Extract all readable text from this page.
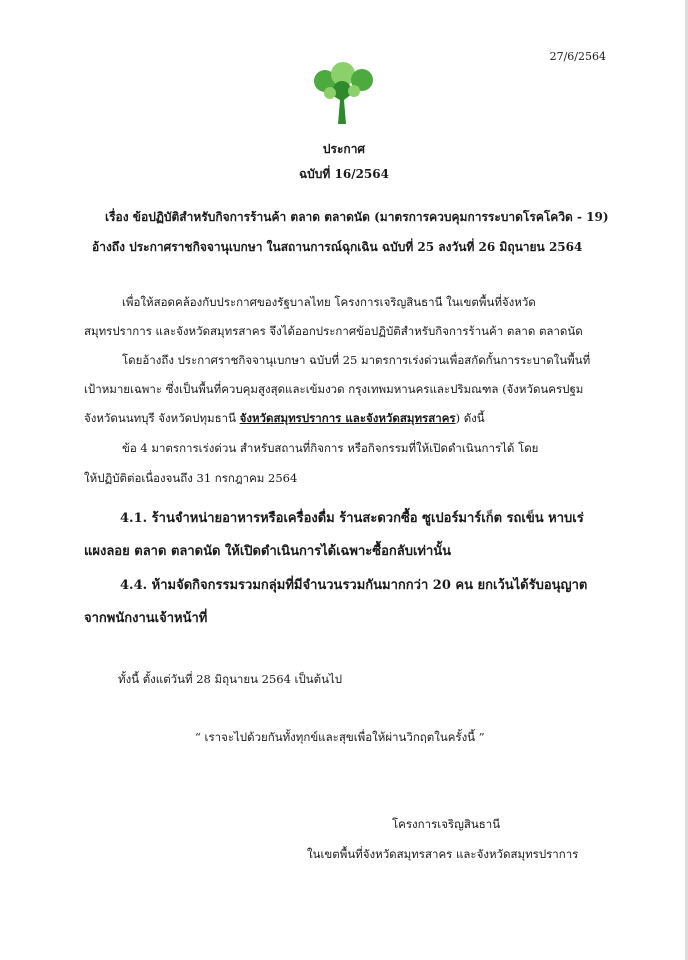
27/6/2564
ประกาศ
ฉบับที่ 16/2564
เรื่อง ข้อปฏิบัติสำหรับกิจการร้านค้า ตลาด ตลาดนัด (มาตรการควบคุมการระบาดโรคโควิด - 19)
อ้างถึง ประกาศราชกิจจานุเบกษา ในสถานการณ์ฉุกเฉิน ฉบับที่ 25 ลงวันที่ 26 มิถุนายน 2564
เพื่อให้สอดคล้องกับประกาศของรัฐบาลไทย โครงการเจริญสินธานี ในเขตพื้นที่จังหวัด
สมุทรปราการ และจังหวัดสมุทรสาคร จึงได้ออกประกาศข้อปฏิบัติสำหรับกิจการร้านค้า ตลาด ตลาดนัด
โดยอ้างถึง ประกาศราชกิจจานุเบกษา ฉบับที่ 25 มาตรการเร่งด่วนเพื่อสกัดกั้นการระบาดในพื้นที่
เป้าหมายเฉพาะ ซึ่งเป็นพื้นที่ควบคุมสูงสุดและเข้มงวด กรุงเทพมหานครและปริมณฑล (จังหวัดนครปฐม
จังหวัดนนทบุรี จังหวัดปทุมธานี จังหวัดสมุทรปราการ และจังหวัดสมุทรสาคร) ดังนี้
ข้อ 4 มาตรการเร่งด่วน สำหรับสถานที่กิจการ หรือกิจกรรมที่ให้เปิดดำเนินการได้ โดย
ให้ปฏิบัติต่อเนื่องจนถึง 31 กรกฎาคม 2564
4.1. ร้านจำหน่ายอาหารหรือเครื่องดื่ม ร้านสะดวกซื้อ ซูเปอร์มาร์เก็ต รถเข็น หาบเร่
แผงลอย ตลาด ตลาดนัด ให้เปิดดำเนินการได้เฉพาะซื้อกลับเท่านั้น
4.4. ห้ามจัดกิจกรรมรวมกลุ่มที่มีจำนวนรวมกันมากกว่า 20 คน ยกเว้นได้รับอนุญาต
จากพนักงานเจ้าหน้าที่
ทั้งนี้ ตั้งแต่วันที่ 28 มิถุนายน 2564 เป็นต้นไป
“ เราจะไปด้วยกันทั้งทุกข์และสุขเพื่อให้ผ่านวิกฤตในครั้งนี้ ”
โครงการเจริญสินธานี
ในเขตพื้นที่จังหวัดสมุทรสาคร และจังหวัดสมุทรปราการ
